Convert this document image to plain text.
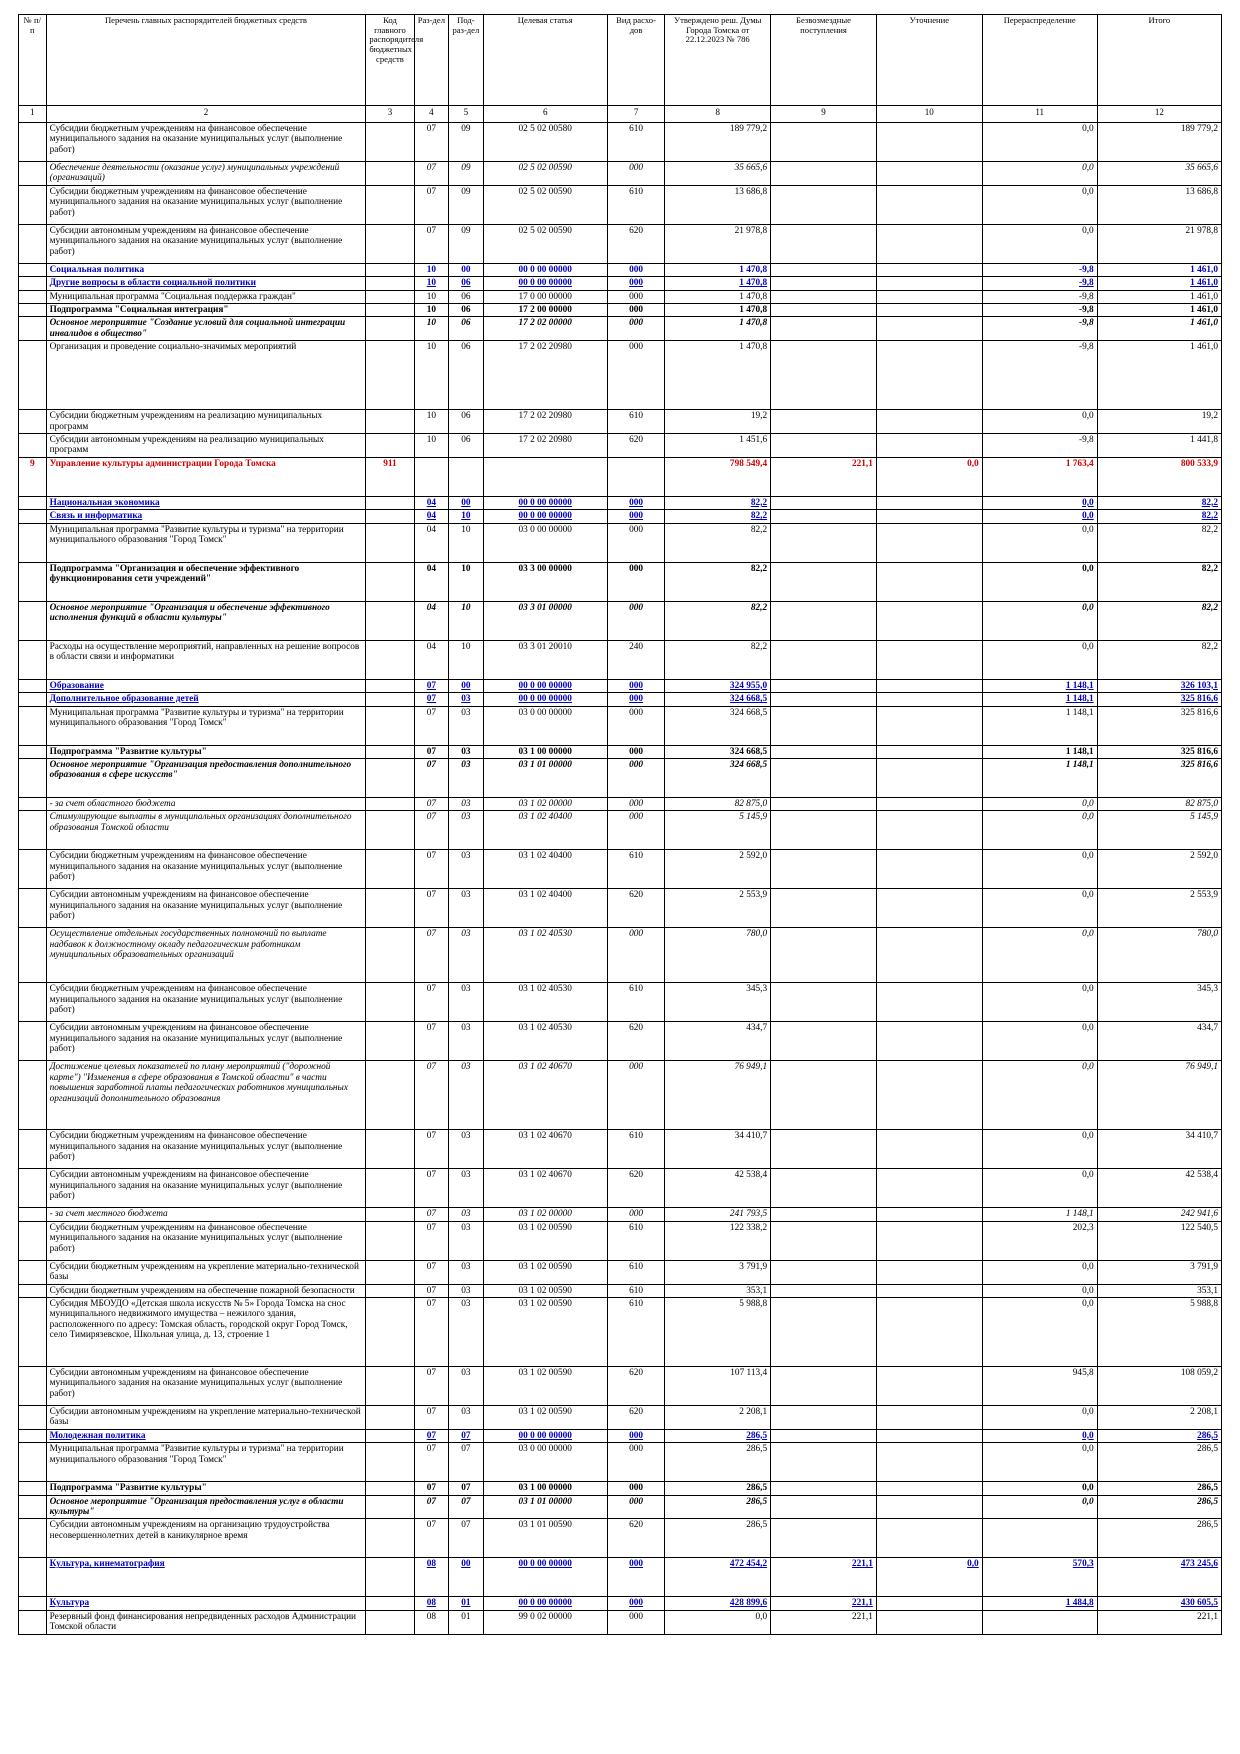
№ п/п	Перечень главных распорядителей бюджетных средств	Код главного распорядителя бюджетных средств	Раз-дел	Под-раз-дел	Целевая статья	Вид расхо-дов	Утверждено реш. Думы Города Томска от 22.12.2023 № 786	Безвозмездные поступления	Уточнение	Перераспределение	Итого
1	2	3	4	5	6	7	8	9	10	11	12
	Субсидии бюджетным учреждениям на финансовое обеспечение муниципального задания на оказание муниципальных услуг (выполнение работ)		07	09	02 5 02 00580	610	189 779,2			0,0	189 779,2
	Обеспечение деятельности (оказание услуг) муниципальных учреждений (организаций)		07	09	02 5 02 00590	000	35 665,6			0,0	35 665,6
	Субсидии бюджетным учреждениям на финансовое обеспечение муниципального задания на оказание муниципальных услуг (выполнение работ)		07	09	02 5 02 00590	610	13 686,8			0,0	13 686,8
	Субсидии автономным учреждениям на финансовое обеспечение муниципального задания на оказание муниципальных услуг (выполнение работ)		07	09	02 5 02 00590	620	21 978,8			0,0	21 978,8
	Социальная политика		10	00	00 0 00 00000	000	1 470,8			-9,8	1 461,0
	Другие вопросы в области социальной политики		10	06	00 0 00 00000	000	1 470,8			-9,8	1 461,0
	Муниципальная программа "Социальная поддержка граждан"		10	06	17 0 00 00000	000	1 470,8			-9,8	1 461,0
	Подпрограмма "Социальная интеграция"		10	06	17 2 00 00000	000	1 470,8			-9,8	1 461,0
	Основное мероприятие "Создание условий для социальной интеграции инвалидов в общество"		10	06	17 2 02 00000	000	1 470,8			-9,8	1 461,0
	Организация и проведение социально-значимых мероприятий		10	06	17 2 02 20980	000	1 470,8			-9,8	1 461,0
	Субсидии бюджетным учреждениям на реализацию муниципальных программ		10	06	17 2 02 20980	610	19,2			0,0	19,2
	Субсидии автономным учреждениям на реализацию муниципальных программ		10	06	17 2 02 20980	620	1 451,6			-9,8	1 441,8
9	Управление культуры администрации Города Томска	911					798 549,4	221,1	0,0	1 763,4	800 533,9
	Национальная экономика		04	00	00 0 00 00000	000	82,2			0,0	82,2
	Связь и информатика		04	10	00 0 00 00000	000	82,2			0,0	82,2
	Муниципальная программа "Развитие культуры и туризма" на территории муниципального образования "Город Томск"		04	10	03 0 00 00000	000	82,2			0,0	82,2
	Подпрограмма "Организация и обеспечение эффективного функционирования сети учреждений"		04	10	03 3 00 00000	000	82,2			0,0	82,2
	Основное мероприятие "Организация и обеспечение эффективного исполнения функций в области культуры"		04	10	03 3 01 00000	000	82,2			0,0	82,2
	Расходы на осуществление мероприятий, направленных на решение вопросов в области связи и информатики		04	10	03 3 01 20010	240	82,2			0,0	82,2
	Образование		07	00	00 0 00 00000	000	324 955,0			1 148,1	326 103,1
	Дополнительное образование детей		07	03	00 0 00 00000	000	324 668,5			1 148,1	325 816,6
	Муниципальная программа "Развитие культуры и туризма" на территории муниципального образования "Город Томск"		07	03	03 0 00 00000	000	324 668,5			1 148,1	325 816,6
	Подпрограмма "Развитие культуры"		07	03	03 1 00 00000	000	324 668,5			1 148,1	325 816,6
	Основное мероприятие "Организация предоставления дополнительного образования в сфере искусств"		07	03	03 1 01 00000	000	324 668,5			1 148,1	325 816,6
	- за счет областного бюджета		07	03	03 1 02 00000	000	82 875,0			0,0	82 875,0
	Стимулирующие выплаты в муниципальных организациях дополнительного образования Томской области		07	03	03 1 02 40400	000	5 145,9			0,0	5 145,9
	Субсидии бюджетным учреждениям на финансовое обеспечение муниципального задания на оказание муниципальных услуг (выполнение работ)		07	03	03 1 02 40400	610	2 592,0			0,0	2 592,0
	Субсидии автономным учреждениям на финансовое обеспечение муниципального задания на оказание муниципальных услуг (выполнение работ)		07	03	03 1 02 40400	620	2 553,9			0,0	2 553,9
	Осуществление отдельных государственных полномочий по выплате надбавок к должностному окладу педагогическим работникам муниципальных образовательных организаций		07	03	03 1 02 40530	000	780,0			0,0	780,0
	Субсидии бюджетным учреждениям на финансовое обеспечение муниципального задания на оказание муниципальных услуг (выполнение работ)		07	03	03 1 02 40530	610	345,3			0,0	345,3
	Субсидии автономным учреждениям на финансовое обеспечение муниципального задания на оказание муниципальных услуг (выполнение работ)		07	03	03 1 02 40530	620	434,7			0,0	434,7
	Достижение целевых показателей по плану мероприятий ("дорожной карте") "Изменения в сфере образования в Томской области" в части повышения заработной платы педагогических работников муниципальных организаций дополнительного образования		07	03	03 1 02 40670	000	76 949,1			0,0	76 949,1
	Субсидии бюджетным учреждениям на финансовое обеспечение муниципального задания на оказание муниципальных услуг (выполнение работ)		07	03	03 1 02 40670	610	34 410,7			0,0	34 410,7
	Субсидии автономным учреждениям на финансовое обеспечение муниципального задания на оказание муниципальных услуг (выполнение работ)		07	03	03 1 02 40670	620	42 538,4			0,0	42 538,4
	- за счет местного бюджета		07	03	03 1 02 00000	000	241 793,5			1 148,1	242 941,6
	Субсидии бюджетным учреждениям на финансовое обеспечение муниципального задания на оказание муниципальных услуг (выполнение работ)		07	03	03 1 02 00590	610	122 338,2			202,3	122 540,5
	Субсидии бюджетным учреждениям на укрепление материально-технической базы		07	03	03 1 02 00590	610	3 791,9			0,0	3 791,9
	Субсидии бюджетным учреждениям на обеспечение пожарной безопасности		07	03	03 1 02 00590	610	353,1			0,0	353,1
	Субсидия МБОУДО «Детская школа искусств № 5» Города Томска на снос муниципального недвижимого имущества – нежилого здания, расположенного по адресу: Томская область, городской округ Город Томск, село Тимирязевское, Школьная улица, д. 13, строение 1		07	03	03 1 02 00590	610	5 988,8			0,0	5 988,8
	Субсидии автономным учреждениям на финансовое обеспечение муниципального задания на оказание муниципальных услуг (выполнение работ)		07	03	03 1 02 00590	620	107 113,4			945,8	108 059,2
	Субсидии автономным учреждениям на укрепление материально-технической базы		07	03	03 1 02 00590	620	2 208,1			0,0	2 208,1
	Молодежная политика		07	07	00 0 00 00000	000	286,5			0,0	286,5
	Муниципальная программа "Развитие культуры и туризма" на территории муниципального образования "Город Томск"		07	07	03 0 00 00000	000	286,5			0,0	286,5
	Подпрограмма "Развитие культуры"		07	07	03 1 00 00000	000	286,5			0,0	286,5
	Основное мероприятие "Организация предоставления услуг в области культуры"		07	07	03 1 01 00000	000	286,5			0,0	286,5
	Субсидии автономным учреждениям на организацию трудоустройства несовершеннолетних детей в каникулярное время		07	07	03 1 01 00590	620	286,5				286,5
	Культура, кинематография		08	00	00 0 00 00000	000	472 454,2	221,1	0,0	570,3	473 245,6
	Культура		08	01	00 0 00 00000	000	428 899,6	221,1		1 484,8	430 605,5
	Резервный фонд финансирования непредвиденных расходов Администрации Томской области		08	01	99 0 02 00000	000	0,0	221,1			221,1
